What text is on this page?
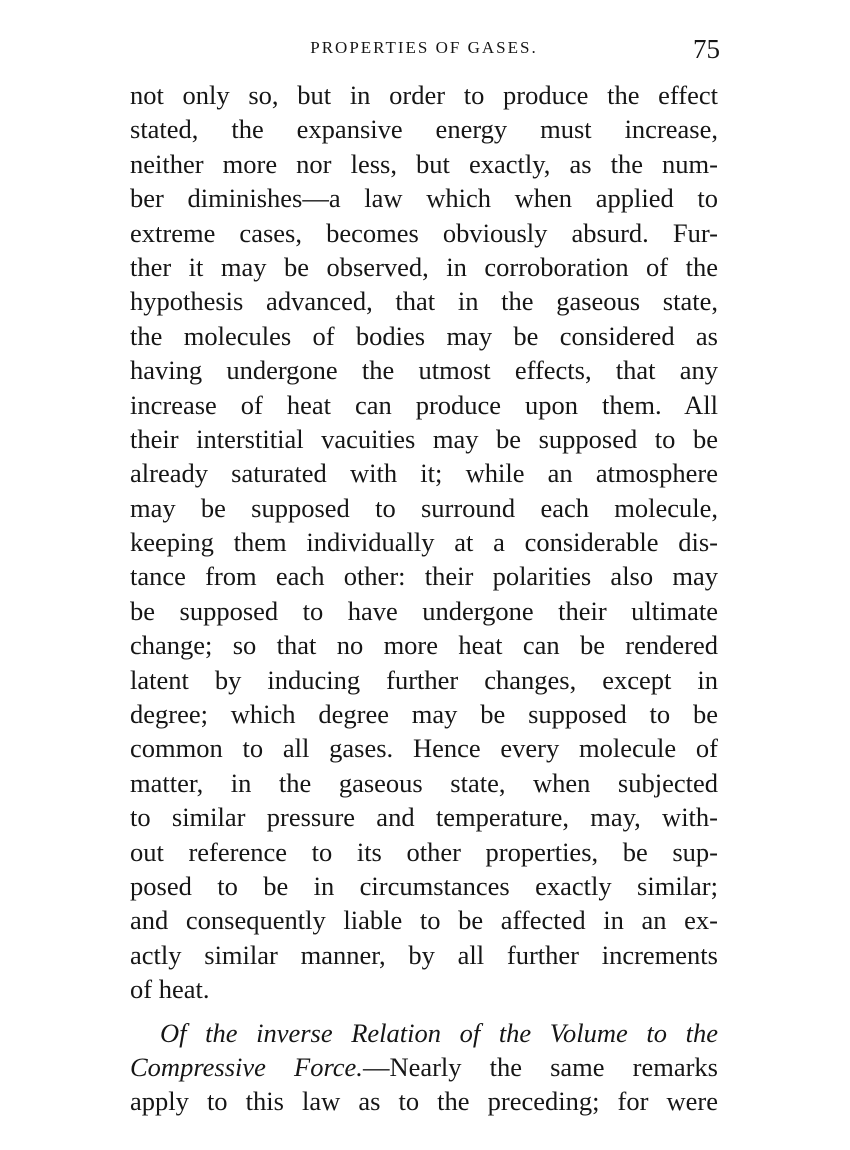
PROPERTIES OF GASES.	75
not only so, but in order to produce the effect
stated, the expansive energy must increase,
neither more nor less, but exactly, as the num-
ber diminishes—a law which when applied to
extreme cases, becomes obviously absurd. Fur-
ther it may be observed, in corroboration of the
hypothesis advanced, that in the gaseous state,
the molecules of bodies may be considered as
having undergone the utmost effects, that any
increase of heat can produce upon them. All
their interstitial vacuities may be supposed to be
already saturated with it; while an atmosphere
may be supposed to surround each molecule,
keeping them individually at a considerable dis-
tance from each other: their polarities also may
be supposed to have undergone their ultimate
change; so that no more heat can be rendered
latent by inducing further changes, except in
degree; which degree may be supposed to be
common to all gases. Hence every molecule of
matter, in the gaseous state, when subjected
to similar pressure and temperature, may, with-
out reference to its other properties, be sup-
posed to be in circumstances exactly similar;
and consequently liable to be affected in an ex-
actly similar manner, by all further increments
of heat.
Of the inverse Relation of the Volume to the
Compressive Force.—Nearly the same remarks
apply to this law as to the preceding; for were
